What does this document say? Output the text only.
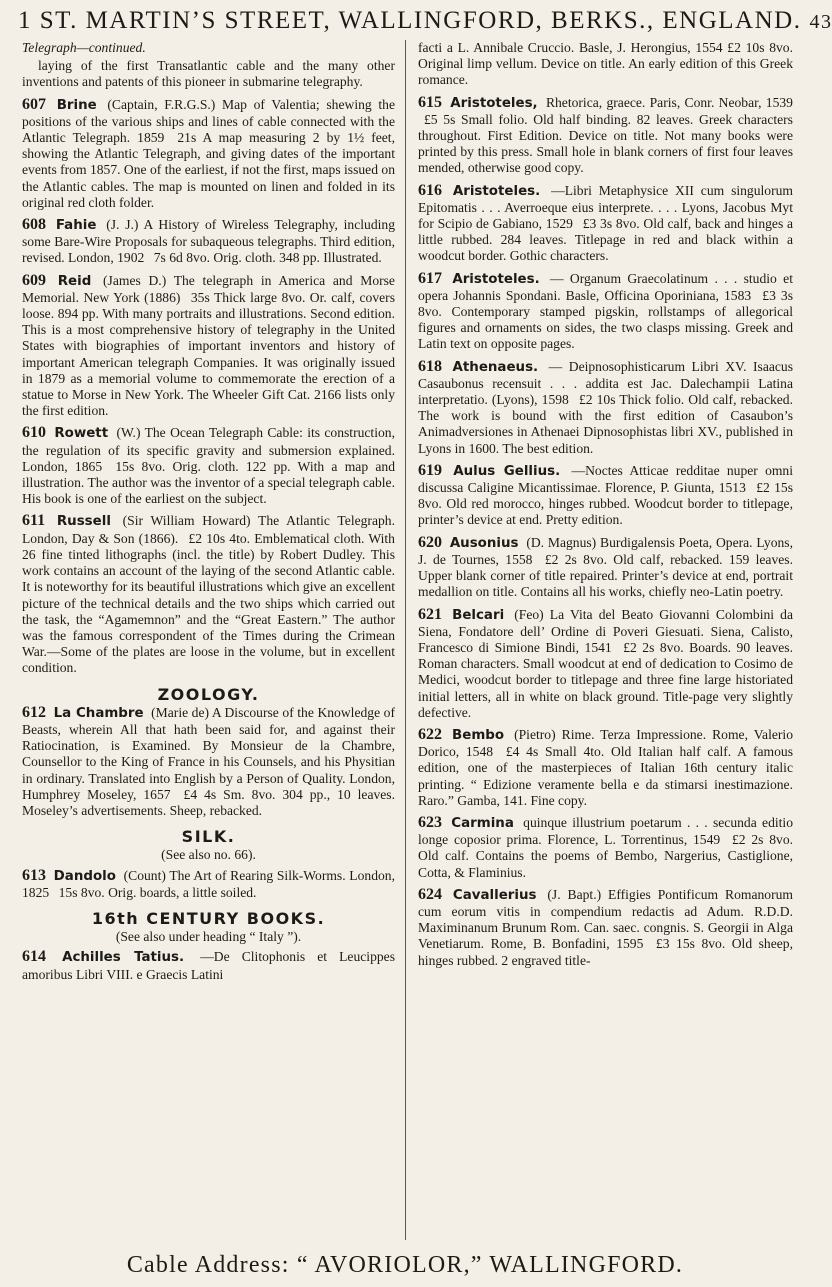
1 ST. MARTIN’S STREET, WALLINGFORD, BERKS., ENGLAND. 43
Telegraph—continued.

laying of the first Transatlantic cable and the many other inventions and patents of this pioneer in submarine telegraphy.

607 Brine (Captain, F.R.G.S.) Map of Valentia; shewing the positions of the various ships and lines of cable connected with the Atlantic Telegraph. 1859 21s A map measuring 2 by 1½ feet, showing the Atlantic Telegraph, and giving dates of the important events from 1857. One of the earliest, if not the first, maps issued on the Atlantic cables. The map is mounted on linen and folded in its original red cloth folder.

608 Fahie (J. J.) A History of Wireless Telegraphy, including some Bare-Wire Proposals for subaqueous telegraphs. Third edition, revised. London, 1902 7s 6d 8vo. Orig. cloth. 348 pp. Illustrated.

609 Reid (James D.) The telegraph in America and Morse Memorial. New York (1886) 35s Thick large 8vo. Or. calf, covers loose. 894 pp. With many portraits and illustrations. Second edition. This is a most comprehensive history of telegraphy in the United States with biographies of important inventors and history of important American telegraph Companies. It was originally issued in 1879 as a memorial volume to commemorate the erection of a statue to Morse in New York. The Wheeler Gift Cat. 2166 lists only the first edition.

610 Rowett (W.) The Ocean Telegraph Cable: its construction, the regulation of its specific gravity and submersion explained. London, 1865 15s 8vo. Orig. cloth. 122 pp. With a map and illustration. The author was the inventor of a special telegraph cable. His book is one of the earliest on the subject.

611 Russell (Sir William Howard) The Atlantic Telegraph. London, Day & Son (1866). £2 10s 4to. Emblematical cloth. With 26 fine tinted lithographs (incl. the title) by Robert Dudley. This work contains an account of the laying of the second Atlantic cable. It is noteworthy for its beautiful illustrations which give an excellent picture of the technical details and the two ships which carried out the task, the “Agamemnon” and the “Great Eastern.” The author was the famous correspondent of the Times during the Crimean War.—Some of the plates are loose in the volume, but in excellent condition.

ZOOLOGY.

612 La Chambre (Marie de) A Discourse of the Knowledge of Beasts, wherein All that hath been said for, and against their Ratiocination, is Examined. By Monsieur de la Chambre, Counsellor to the King of France in his Counsels, and his Physitian in ordinary. Translated into English by a Person of Quality. London, Humphrey Moseley, 1657 £4 4s Sm. 8vo. 304 pp., 10 leaves. Moseley’s advertisements. Sheep, rebacked.

SILK.
(See also no. 66).

613 Dandolo (Count) The Art of Rearing Silk-Worms. London, 1825 15s 8vo. Orig. boards, a little soiled.

16th CENTURY BOOKS.
(See also under heading “ Italy ”).

614 Achilles Tatius. —De Clitophonis et Leucippes amoribus Libri VIII. e Graecis Latini

facti a L. Annibale Cruccio. Basle, J. Herongius, 1554 £2 10s 8vo. Original limp vellum. Device on title. An early edition of this Greek romance.

615 Aristoteles, Rhetorica, graece. Paris, Conr. Neobar, 1539 £5 5s Small folio. Old half binding. 82 leaves. Greek characters throughout. First Edition. Device on title. Not many books were printed by this press. Small hole in blank corners of first four leaves mended, otherwise good copy.

616 Aristoteles. —Libri Metaphysice XII cum singulorum Epitomatis . . . Averroeque eius interprete. . . . Lyons, Jacobus Myt for Scipio de Gabiano, 1529 £3 3s 8vo. Old calf, back and hinges a little rubbed. 284 leaves. Titlepage in red and black within a woodcut border. Gothic characters.

617 Aristoteles. — Organum Graecolatinum . . . studio et opera Johannis Spondani. Basle, Officina Oporiniana, 1583 £3 3s 8vo. Contemporary stamped pigskin, rollstamps of allegorical figures and ornaments on sides, the two clasps missing. Greek and Latin text on opposite pages.

618 Athenaeus. — Deipnosophisticarum Libri XV. Isaacus Casaubonus recensuit . . . addita est Jac. Dalechampii Latina interpretatio. (Lyons), 1598 £2 10s Thick folio. Old calf, rebacked. The work is bound with the first edition of Casaubon’s Animadversiones in Athenaei Dipnosophistas libri XV., published in Lyons in 1600. The best edition.

619 Aulus Gellius. —Noctes Atticae redditae nuper omni discussa Caligine Micantissimae. Florence, P. Giunta, 1513 £2 15s 8vo. Old red morocco, hinges rubbed. Woodcut border to titlepage, printer’s device at end. Pretty edition.

620 Ausonius (D. Magnus) Burdigalensis Poeta, Opera. Lyons, J. de Tournes, 1558 £2 2s 8vo. Old calf, rebacked. 159 leaves. Upper blank corner of title repaired. Printer’s device at end, portrait medallion on title. Contains all his works, chiefly neo-Latin poetry.

621 Belcari (Feo) La Vita del Beato Giovanni Colombini da Siena, Fondatore dell’ Ordine di Poveri Giesuati. Siena, Calisto, Francesco di Simione Bindi, 1541 £2 2s 8vo. Boards. 90 leaves. Roman characters. Small woodcut at end of dedication to Cosimo de Medici, woodcut border to titlepage and three fine large historiated initial letters, all in white on black ground. Title-page very slightly defective.

622 Bembo (Pietro) Rime. Terza Impressione. Rome, Valerio Dorico, 1548 £4 4s Small 4to. Old Italian half calf. A famous edition, one of the masterpieces of Italian 16th century italic printing. “ Edizione veramente bella e da stimarsi inestimazione. Raro.” Gamba, 141. Fine copy.

623 Carmina quinque illustrium poetarum . . . secunda editio longe coposior prima. Florence, L. Torrentinus, 1549 £2 2s 8vo. Old calf. Contains the poems of Bembo, Nargerius, Castiglione, Cotta, & Flaminius.

624 Cavallerius (J. Bapt.) Effigies Pontificum Romanorum cum eorum vitis in compendium redactis ad Adum. R.D.D. Maximinanum Brunum Rom. Can. saec. congnis. S. Georgii in Alga Venetiarum. Rome, B. Bonfadini, 1595 £3 15s 8vo. Old sheep, hinges rubbed. 2 engraved title-

Cable Address: “ AVORIOLOR,” WALLINGFORD.
